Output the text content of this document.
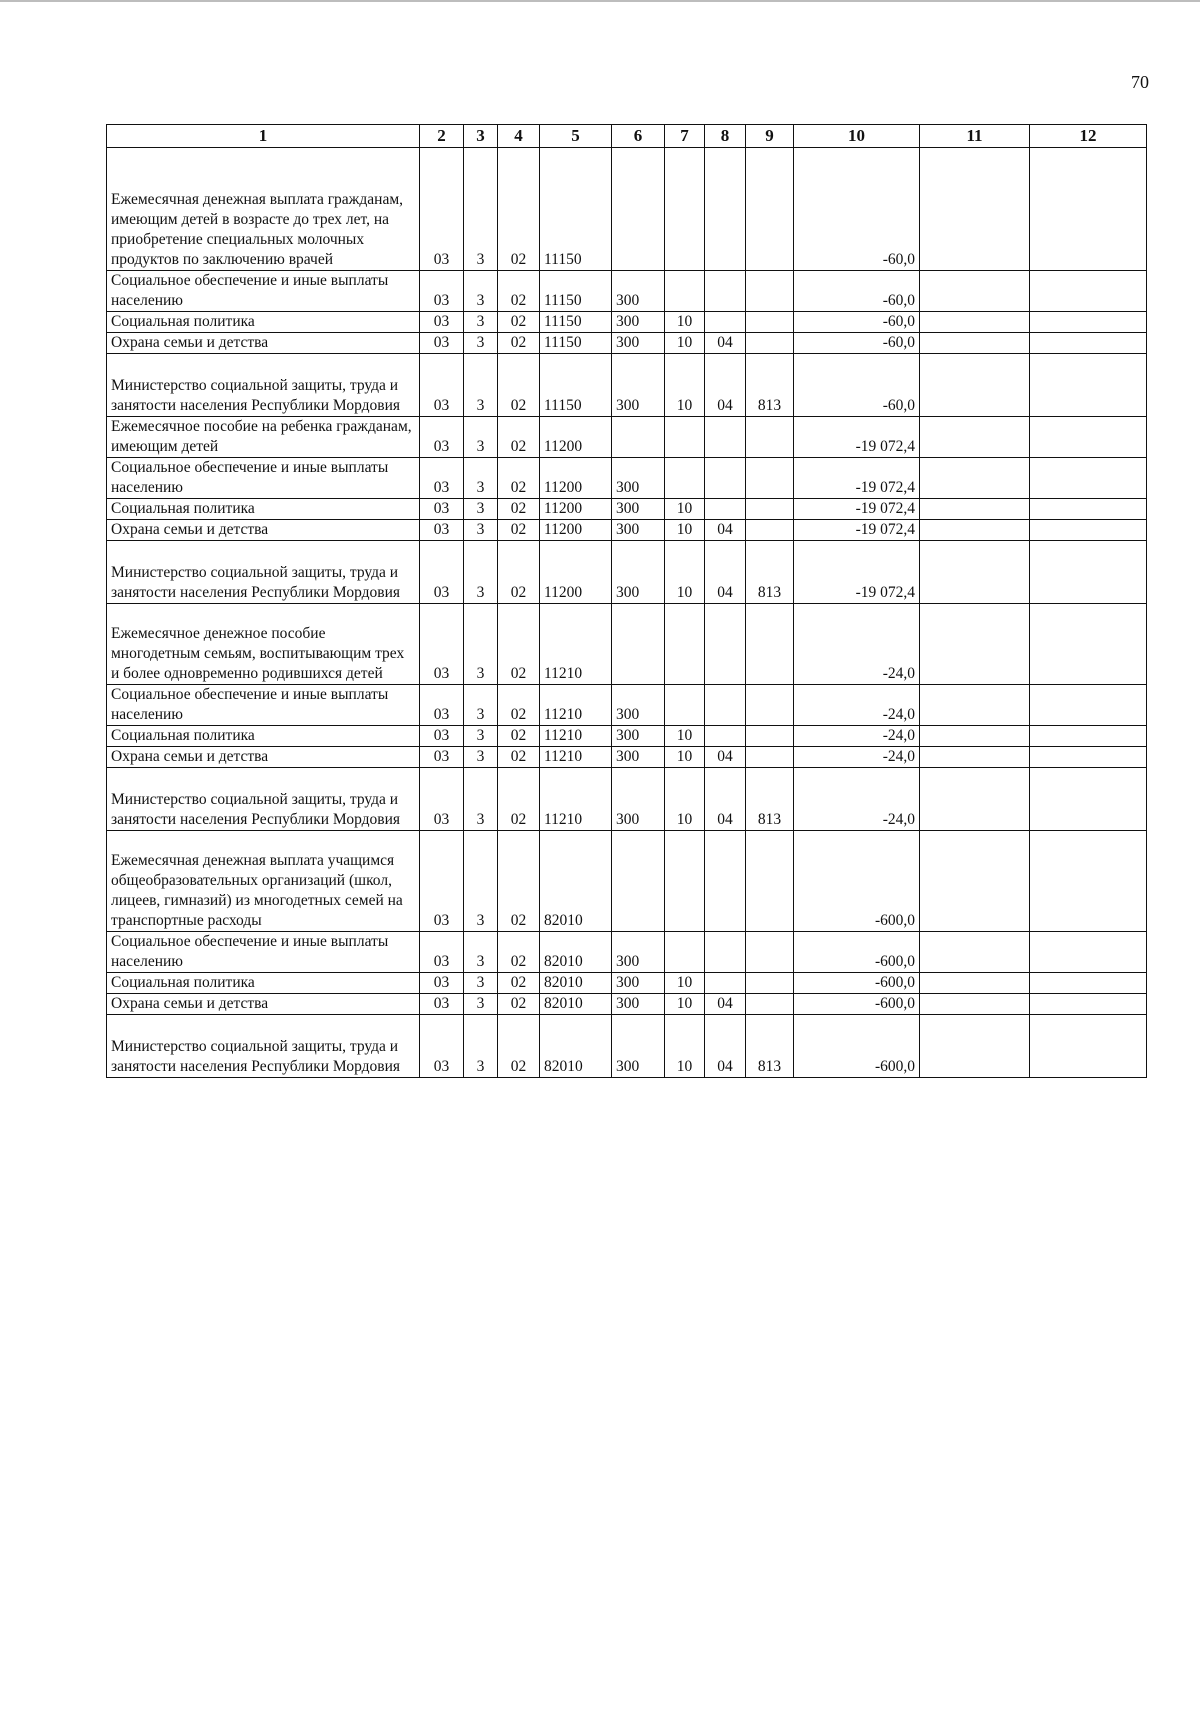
70
1	2	3	4	5	6	7	8	9	10	11	12
Ежемесячная денежная выплата гражданам, имеющим детей в возрасте до трех лет, на приобретение специальных молочных продуктов по заключению врачей	03	3	02	11150					-60,0		
Социальное обеспечение и иные выплаты населению	03	3	02	11150	300				-60,0		
Социальная политика	03	3	02	11150	300	10			-60,0		
Охрана семьи и детства	03	3	02	11150	300	10	04		-60,0		
Министерство социальной защиты, труда и занятости населения Республики Мордовия	03	3	02	11150	300	10	04	813	-60,0		
Ежемесячное пособие на ребенка гражданам, имеющим детей	03	3	02	11200					-19 072,4		
Социальное обеспечение и иные выплаты населению	03	3	02	11200	300				-19 072,4		
Социальная политика	03	3	02	11200	300	10			-19 072,4		
Охрана семьи и детства	03	3	02	11200	300	10	04		-19 072,4		
Министерство социальной защиты, труда и занятости населения Республики Мордовия	03	3	02	11200	300	10	04	813	-19 072,4		
Ежемесячное денежное пособие многодетным семьям, воспитывающим трех и более одновременно родившихся детей	03	3	02	11210					-24,0		
Социальное обеспечение и иные выплаты населению	03	3	02	11210	300				-24,0		
Социальная политика	03	3	02	11210	300	10			-24,0		
Охрана семьи и детства	03	3	02	11210	300	10	04		-24,0		
Министерство социальной защиты, труда и занятости населения Республики Мордовия	03	3	02	11210	300	10	04	813	-24,0		
Ежемесячная денежная выплата учащимся общеобразовательных организаций (школ, лицеев, гимназий) из многодетных семей на транспортные расходы	03	3	02	82010					-600,0		
Социальное обеспечение и иные выплаты населению	03	3	02	82010	300				-600,0		
Социальная политика	03	3	02	82010	300	10			-600,0		
Охрана семьи и детства	03	3	02	82010	300	10	04		-600,0		
Министерство социальной защиты, труда и занятости населения Республики Мордовия	03	3	02	82010	300	10	04	813	-600,0		
